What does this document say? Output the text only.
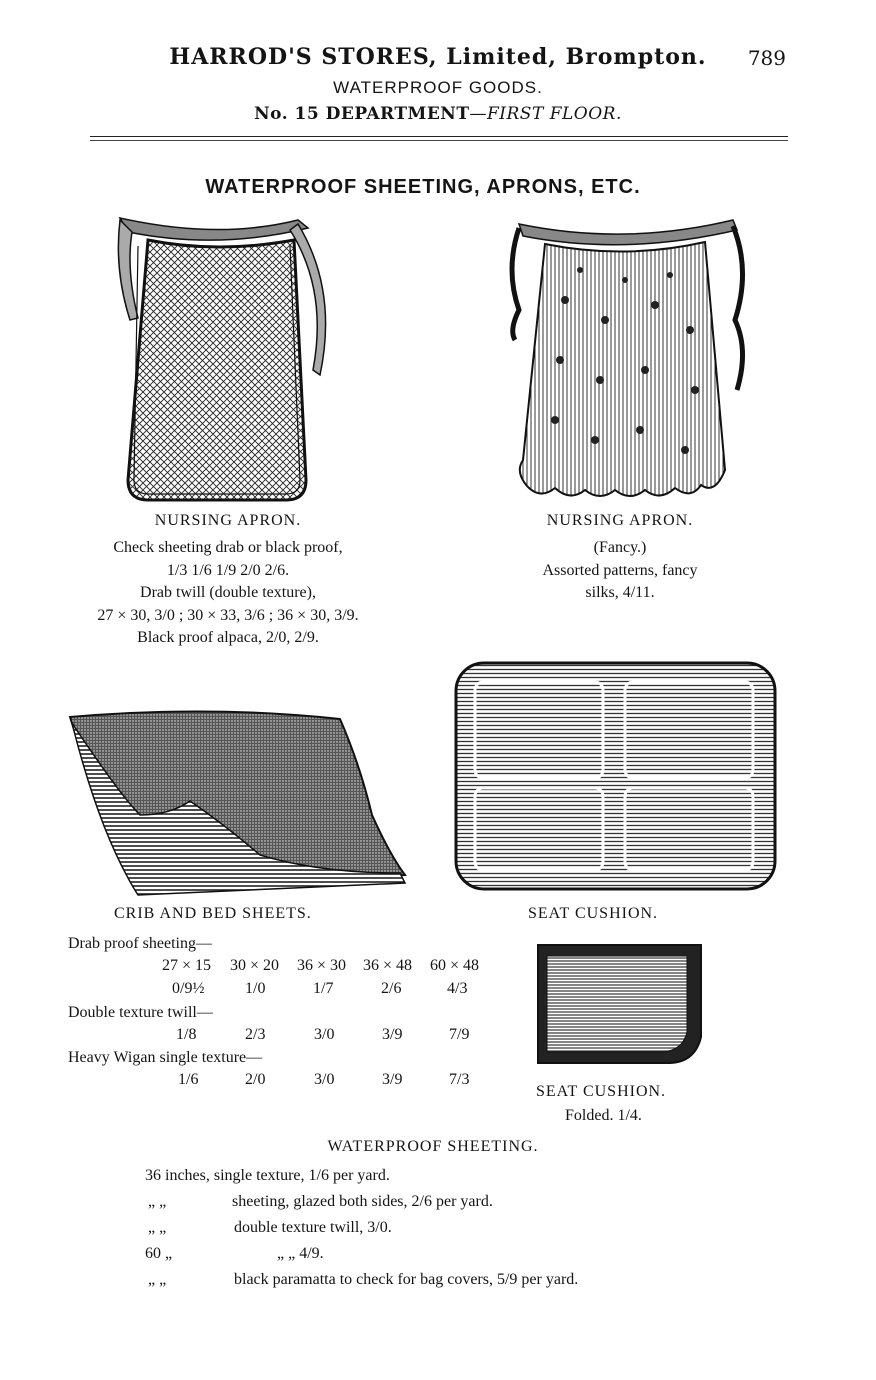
HARROD'S STORES, Limited, Brompton.	789
WATERPROOF GOODS.
No. 15 DEPARTMENT—FIRST FLOOR.
WATERPROOF SHEETING, APRONS, ETC.
NURSING APRON.
Check sheeting drab or black proof,
1/3 1/6 1/9 2/0 2/6.
Drab twill (double texture),
27 × 30, 3/0 ; 30 × 33, 3/6 ; 36 × 30, 3/9.
Black proof alpaca, 2/0, 2/9.
NURSING APRON.
(Fancy.)
Assorted patterns, fancy
silks, 4/11.
CRIB AND BED SHEETS.	SEAT CUSHION.
Drab proof sheeting—
27 × 15 30 × 20 36 × 30 36 × 48 60 × 48
0/9½	1/0	1/7	2/6	4/3
Double texture twill—
1/8	2/3	3/0	3/9	7/9
Heavy Wigan single texture—
1/6	2/0	3/0	3/9	7/3
SEAT CUSHION.
Folded. 1/4.
WATERPROOF SHEETING.
36 inches, single texture, 1/6 per yard.
„ „	sheeting, glazed both sides, 2/6 per yard.
„ „	double texture twill, 3/0.
60 „	„ „ 4/9.
„ „	black paramatta to check for bag covers, 5/9 per yard.
